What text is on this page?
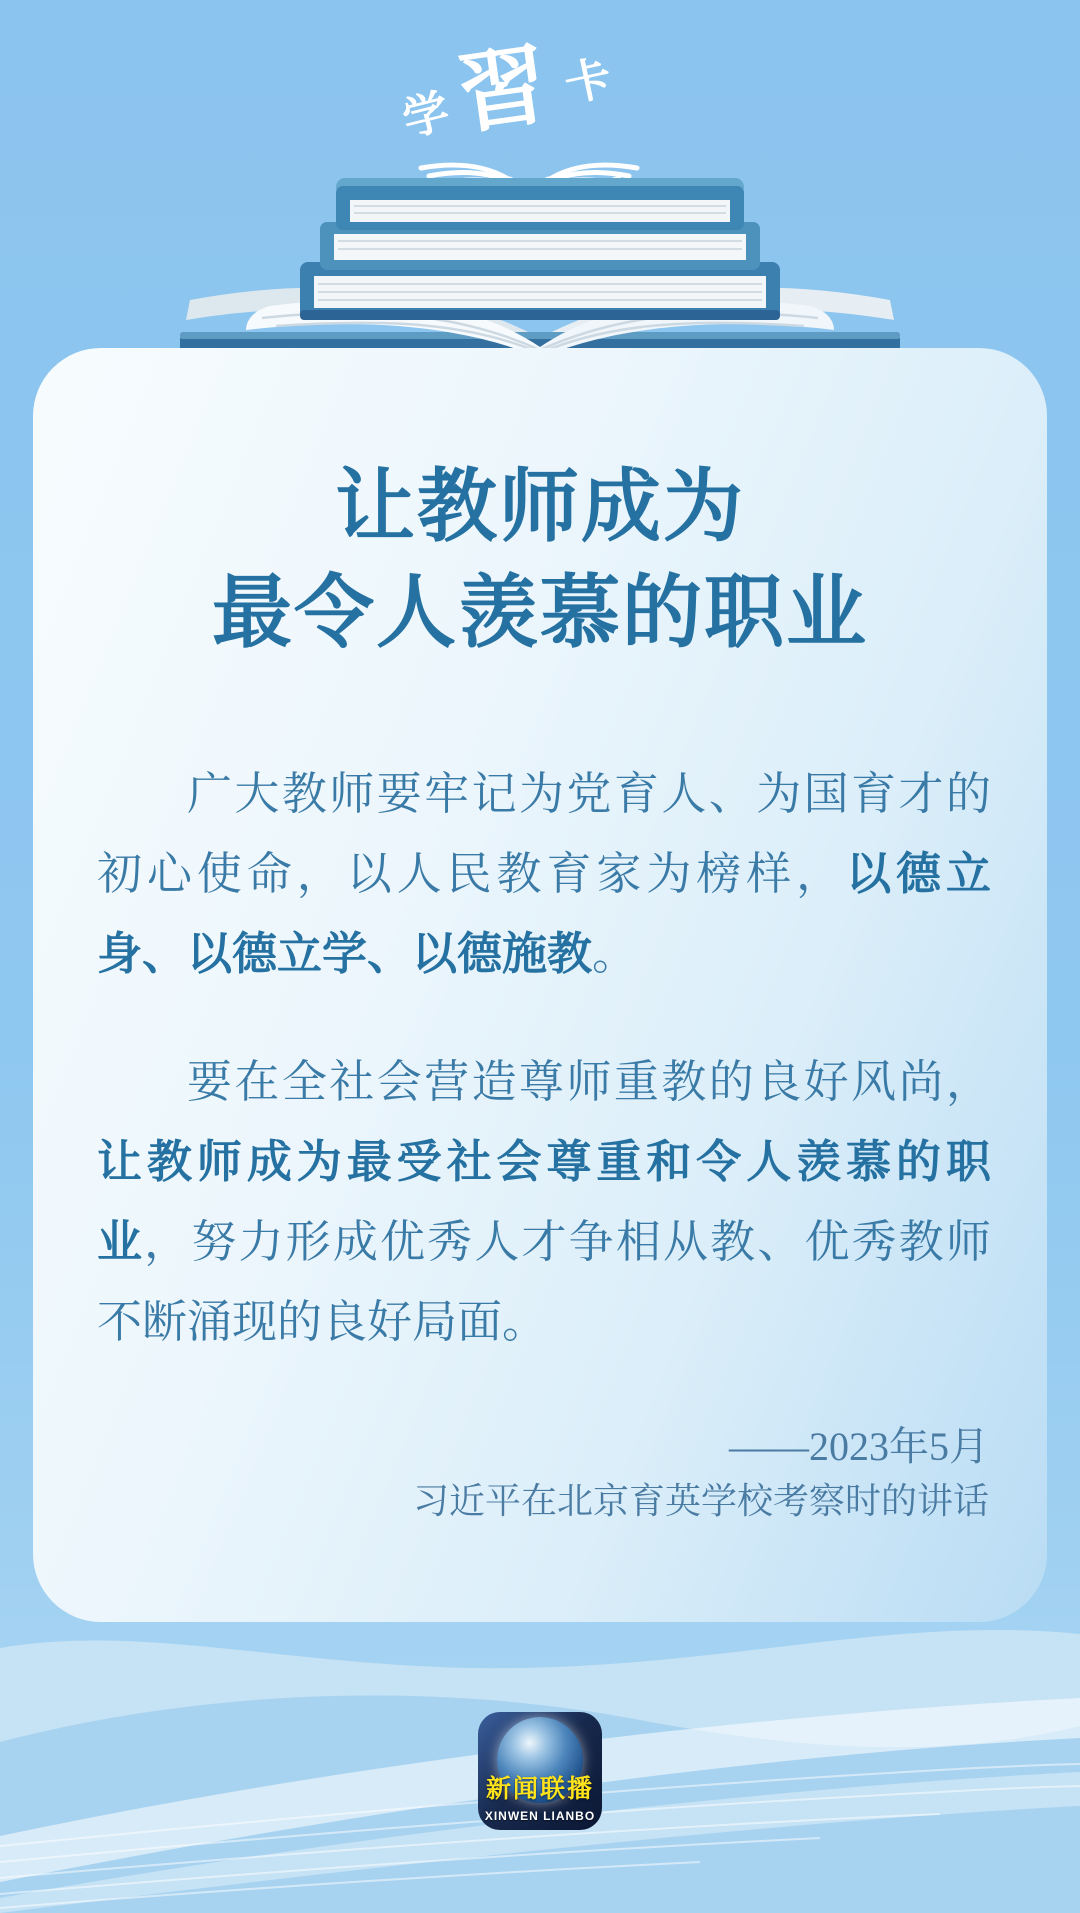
学
習 卡
让教师成为
最令人羡慕的职业

广大教师要牢记为党育人、为国育才的初心使命，以人民教育家为榜样，以德立身、以德立学、以德施教。

要在全社会营造尊师重教的良好风尚，让教师成为最受社会尊重和令人羡慕的职业，努力形成优秀人才争相从教、优秀教师不断涌现的良好局面。

——2023年5月
习近平在北京育英学校考察时的讲话
新闻联播
XINWEN LIANBO
